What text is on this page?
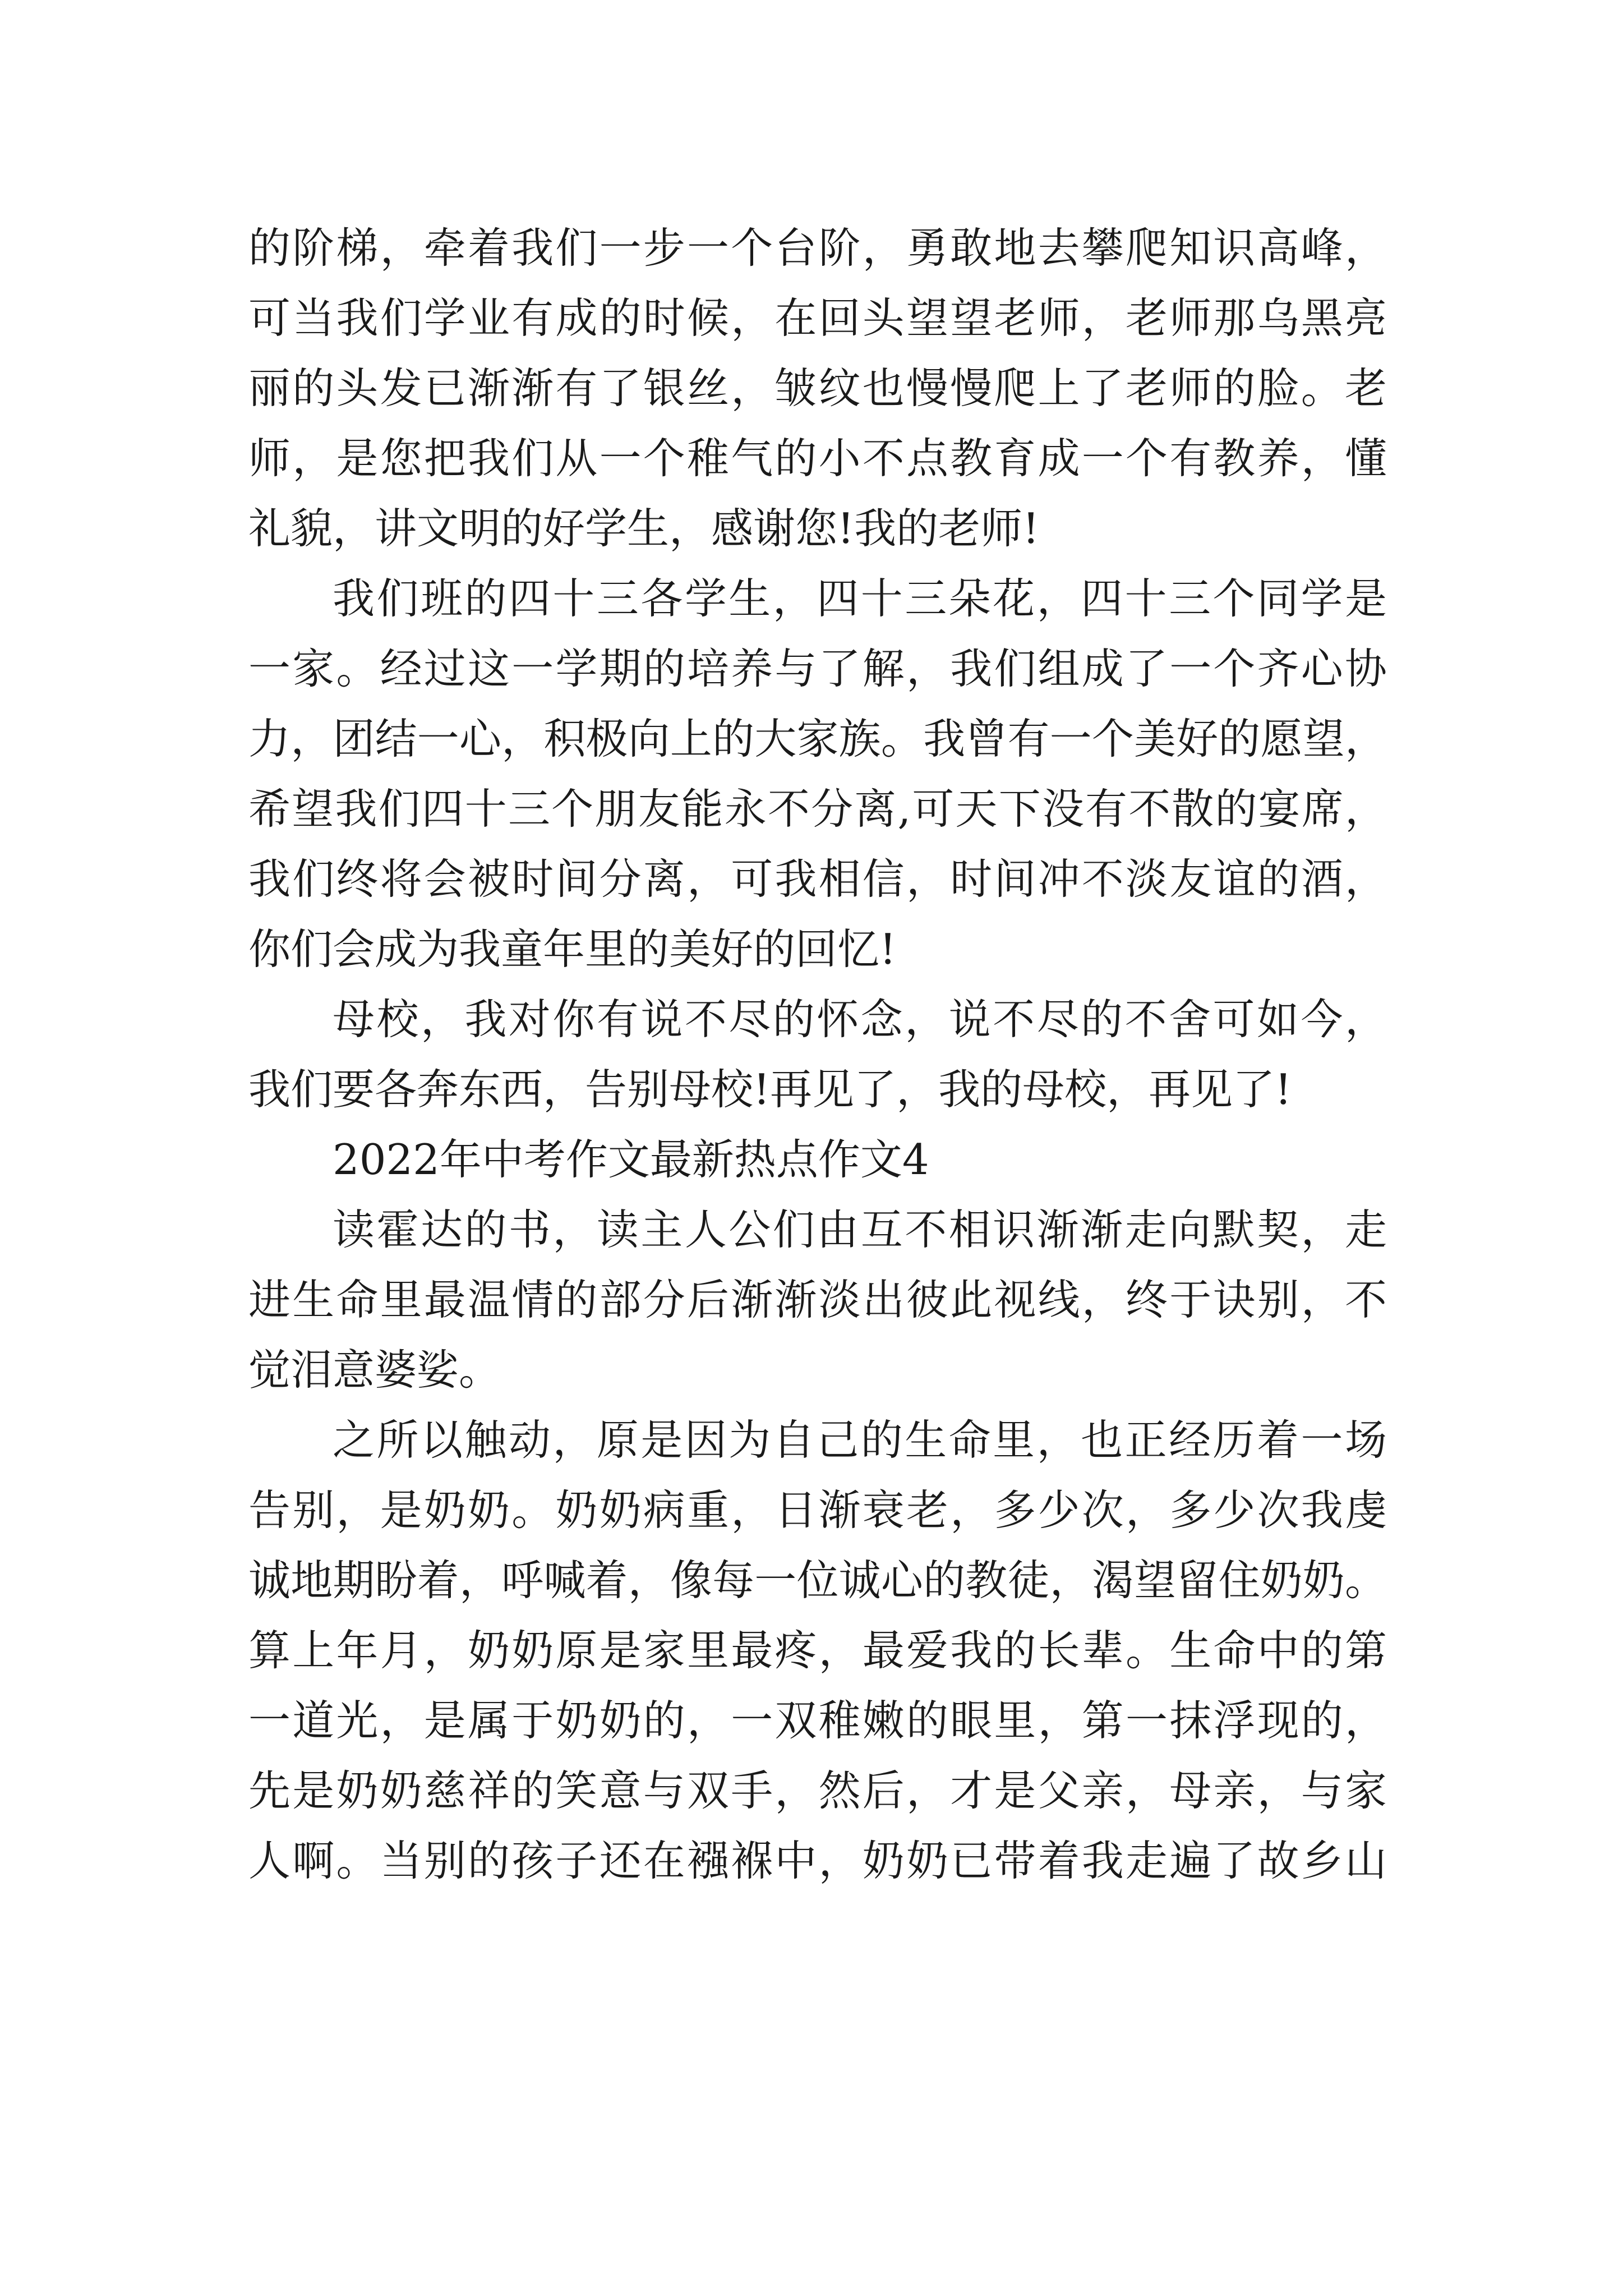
的阶梯，牵着我们一步一个台阶，勇敢地去攀爬知识高峰，
可当我们学业有成的时候，在回头望望老师，老师那乌黑亮
丽的头发已渐渐有了银丝，皱纹也慢慢爬上了老师的脸。老
师，是您把我们从一个稚气的小不点教育成一个有教养，懂
礼貌，讲文明的好学生，感谢您!我的老师!
我们班的四十三各学生，四十三朵花，四十三个同学是
一家。经过这一学期的培养与了解，我们组成了一个齐心协
力，团结一心，积极向上的大家族。我曾有一个美好的愿望，
希望我们四十三个朋友能永不分离,可天下没有不散的宴席，
我们终将会被时间分离，可我相信，时间冲不淡友谊的酒，
你们会成为我童年里的美好的回忆!
母校，我对你有说不尽的怀念，说不尽的不舍可如今，
我们要各奔东西，告别母校!再见了，我的母校，再见了!
2022年中考作文最新热点作文4
读霍达的书，读主人公们由互不相识渐渐走向默契，走
进生命里最温情的部分后渐渐淡出彼此视线，终于诀别，不
觉泪意婆娑。
之所以触动，原是因为自己的生命里，也正经历着一场
告别，是奶奶。奶奶病重，日渐衰老，多少次，多少次我虔
诚地期盼着，呼喊着，像每一位诚心的教徒，渴望留住奶奶。
算上年月，奶奶原是家里最疼，最爱我的长辈。生命中的第
一道光，是属于奶奶的，一双稚嫩的眼里，第一抹浮现的，
先是奶奶慈祥的笑意与双手，然后，才是父亲，母亲，与家
人啊。当别的孩子还在襁褓中，奶奶已带着我走遍了故乡山
